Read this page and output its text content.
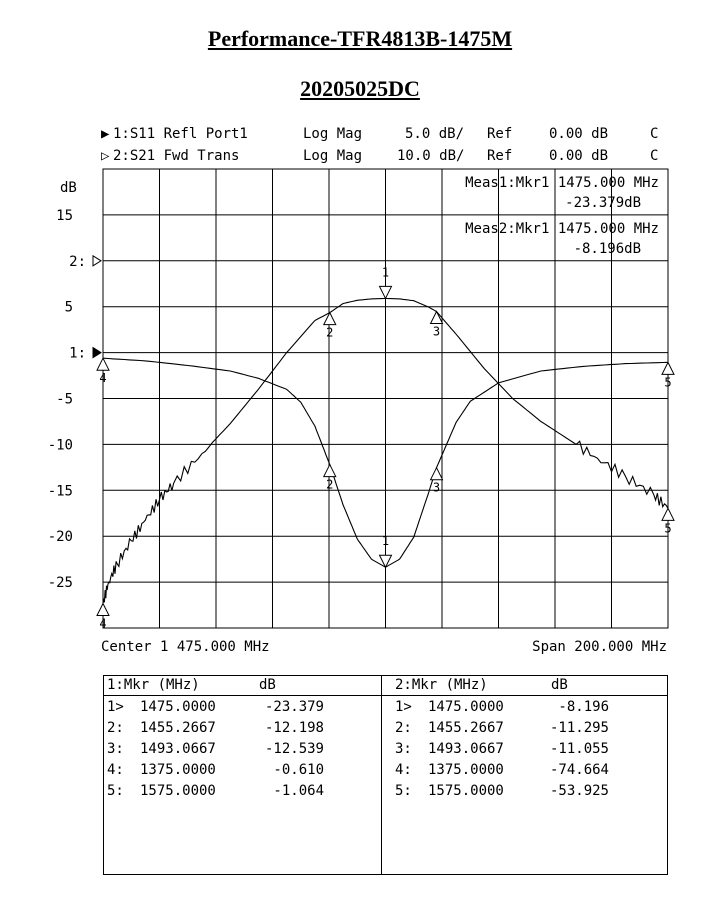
Performance-TFR4813B-1475M
20205025DC
▶ 1:S11 Refl Port1	Log Mag	5.0 dB/ Ref	0.00 dB	C
▷ 2:S21 Fwd Trans	Log Mag 10.0 dB/ Ref	0.00 dB	C
dB
15
5
-5
-10
-15
-20
-25
1:
2:
1
2	3
4	5
1
2	3
4
5
Meas1:Mkr1 1475.000 MHz
-23.379dB
Meas2:Mkr1 1475.000 MHz
-8.196dB
Center 1 475.000 MHz	Span 200.000 MHz
1:Mkr (MHz)	dB
1> 1475.0000	-23.379
2: 1455.2667	-12.198
3: 1493.0667	-12.539
4: 1375.0000	-0.610
5: 1575.0000	-1.064
2:Mkr (MHz)	dB
1> 1475.0000	-8.196
2: 1455.2667	-11.295
3: 1493.0667	-11.055
4: 1375.0000	-74.664
5: 1575.0000	-53.925
